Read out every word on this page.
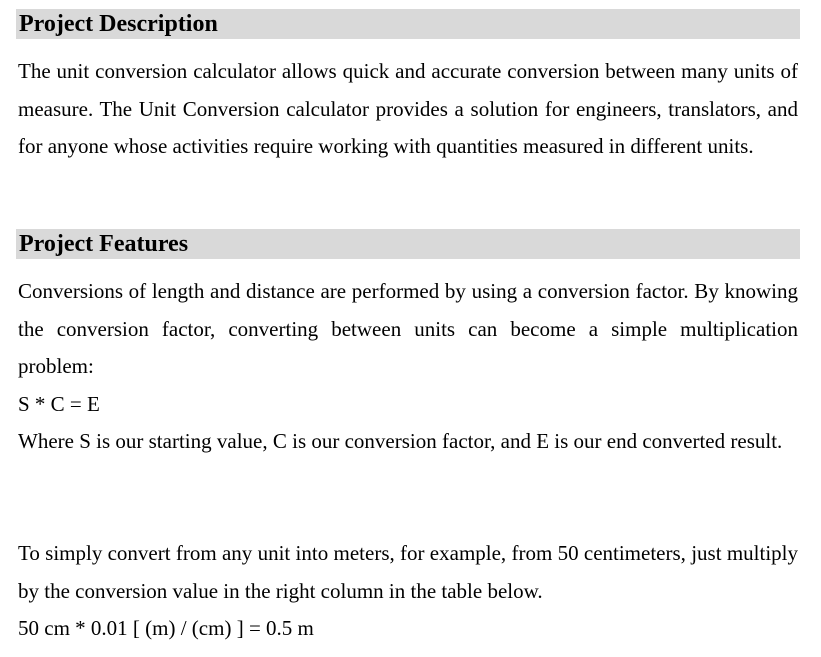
Project Description

The unit conversion calculator allows quick and accurate conversion between many units of measure. The Unit Conversion calculator provides a solution for engineers, translators, and for anyone whose activities require working with quantities measured in different units.

Project Features

Conversions of length and distance are performed by using a conversion factor. By knowing the conversion factor, converting between units can become a simple multiplication problem:

S * C = E

Where S is our starting value, C is our conversion factor, and E is our end converted result.

To simply convert from any unit into meters, for example, from 50 centimeters, just multiply by the conversion value in the right column in the table below.

50 cm * 0.01 [ (m) / (cm) ] = 0.5 m
